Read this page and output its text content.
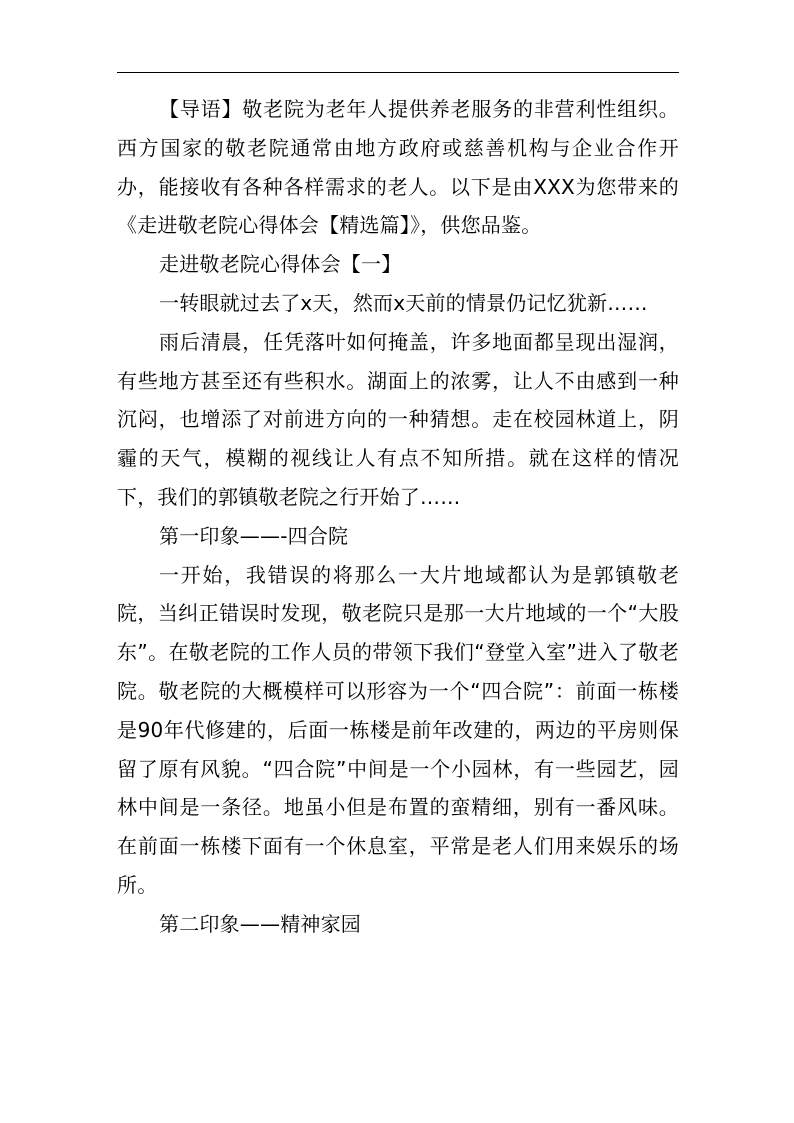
【导语】敬老院为老年人提供养老服务的非营利性组织。西方国家的敬老院通常由地方政府或慈善机构与企业合作开办，能接收有各种各样需求的老人。以下是由XXX为您带来的《走进敬老院心得体会【精选篇】》，供您品鉴。

走进敬老院心得体会【一】

一转眼就过去了x天，然而x天前的情景仍记忆犹新……

雨后清晨，任凭落叶如何掩盖，许多地面都呈现出湿润，有些地方甚至还有些积水。湖面上的浓雾，让人不由感到一种沉闷，也增添了对前进方向的一种猜想。走在校园林道上，阴霾的天气，模糊的视线让人有点不知所措。就在这样的情况下，我们的郭镇敬老院之行开始了……

第一印象——-四合院

一开始，我错误的将那么一大片地域都认为是郭镇敬老院，当纠正错误时发现，敬老院只是那一大片地域的一个“大股东”。在敬老院的工作人员的带领下我们“登堂入室”进入了敬老院。敬老院的大概模样可以形容为一个“四合院”：前面一栋楼是90年代修建的，后面一栋楼是前年改建的，两边的平房则保留了原有风貌。“四合院”中间是一个小园林，有一些园艺，园林中间是一条径。地虽小但是布置的蛮精细，别有一番风味。在前面一栋楼下面有一个休息室，平常是老人们用来娱乐的场所。

第二印象——精神家园
